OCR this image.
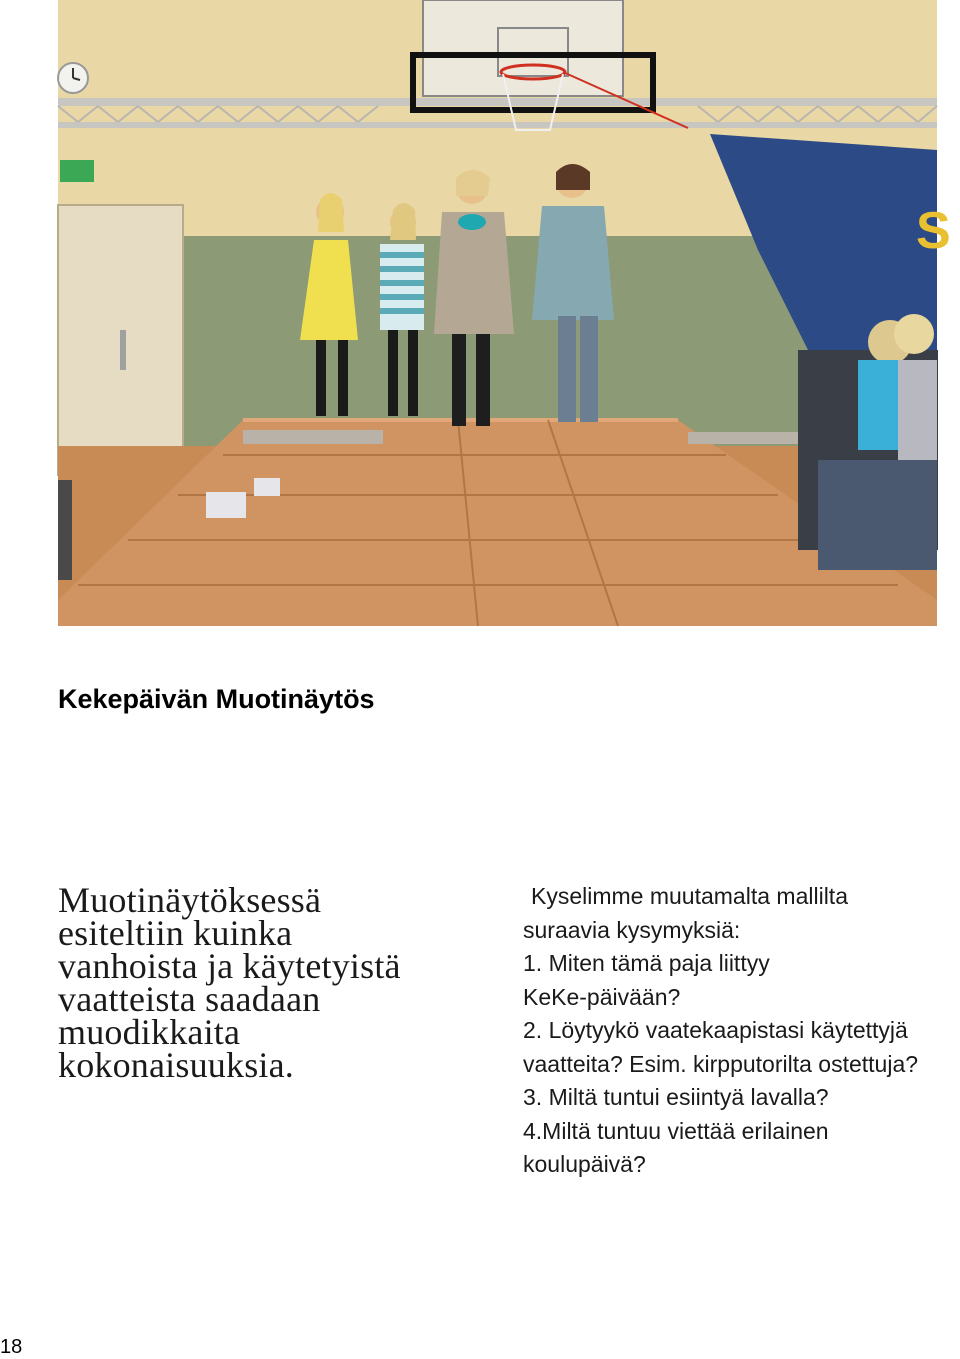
S
Kekepäivän Muotinäytös

Muotinäytöksessä
esiteltiin kuinka
vanhoista ja käytetyistä
vaatteista saadaan
muodikkaita
kokonaisuuksia.

Kyselimme muutamalta mallilta
suraavia kysymyksiä:
1. Miten tämä paja liittyy
KeKe-päivään?
2. Löytyykö vaatekaapistasi käytettyjä
vaatteita? Esim. kirpputorilta ostettuja?
3. Miltä tuntui esiintyä lavalla?
4.Miltä tuntuu viettää erilainen
koulupäivä?
18
